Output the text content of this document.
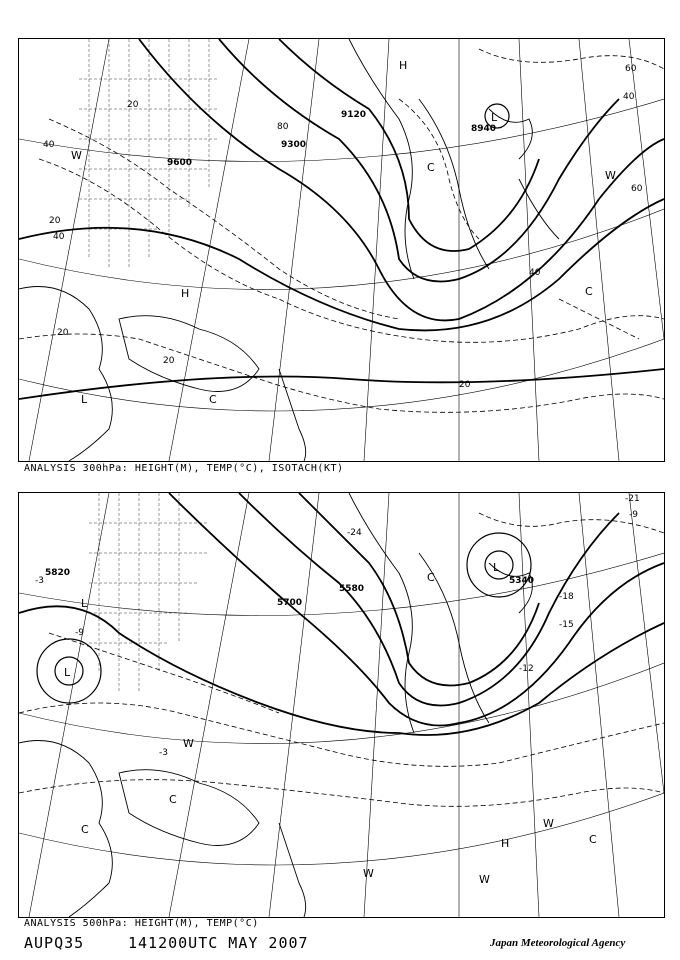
9600
9300
9120
8940
20
40
60
80
20
40
20
20
40
60
20
40
L	C
H
W
W
C
L
C
H
ANALYSIS 300hPa: HEIGHT(M), TEMP(°C), ISOTACH(KT)
5820
5700
5580
5340
-3
-9
-15
-18
-12
-24
-21
-9
-3
L
L
L
W
C
C
C
H
C
W
W
W
ANALYSIS 500hPa: HEIGHT(M), TEMP(°C)
AUPQ35	141200UTC MAY 2007	Japan Meteorological Agency
